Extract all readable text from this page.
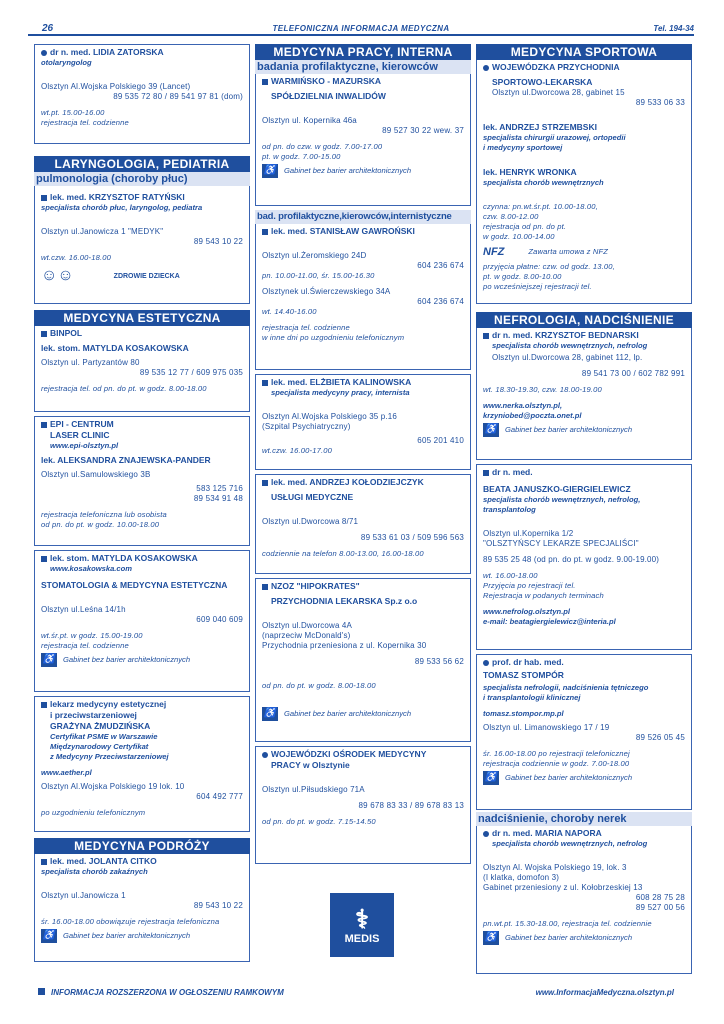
26	TELEFONICZNA INFORMACJA MEDYCZNA	Tel. 194-34
dr n. med. LIDIA ZATORSKA
otolaryngolog
Olsztyn Al.Wojska Polskiego 39 (Lancet)
89 535 72 80 / 89 541 97 81 (dom)
wt.pt. 15.00-16.00
rejestracja tel. codzienne
LARYNGOLOGIA, PEDIATRIA
pulmonologia (choroby płuc)
lek. med. KRZYSZTOF RATYŃSKI
specjalista chorób płuc, laryngolog, pediatra
Olsztyn ul.Janowicza 1 "MEDYK"
89 543 10 22
wt.czw. 16.00-18.00
☺☺	ZDROWIE DZIECKA
MEDYCYNA ESTETYCZNA
BINPOL
lek. stom. MATYLDA KOSAKOWSKA
Olsztyn ul. Partyzantów 80
89 535 12 77 / 609 975 035
rejestracja tel. od pn. do pt. w godz. 8.00-18.00
EPI - CENTRUM
LASER CLINIC
www.epi-olsztyn.pl
lek. ALEKSANDRA ZNAJEWSKA-PANDER
Olsztyn ul.Samulowskiego 3B
583 125 716
89 534 91 48
rejestracja telefoniczna lub osobista
od pn. do pt. w godz. 10.00-18.00
lek. stom. MATYLDA KOSAKOWSKA
www.kosakowska.com
STOMATOLOGIA & MEDYCYNA ESTETYCZNA
Olsztyn ul.Leśna 14/1h
609 040 609
wt.śr.pt. w godz. 15.00-19.00
rejestracja tel. codzienne
♿ Gabinet bez barier architektonicznych
lekarz medycyny estetycznej
i przeciwstarzeniowej
GRAŻYNA ŻMUDZIŃSKA
Certyfikat PSME w Warszawie
Międzynarodowy Certyfikat
z Medycyny Przeciwstarzeniowej
www.aether.pl
Olsztyn Al.Wojska Polskiego 19 lok. 10
604 492 777
po uzgodnieniu telefonicznym
MEDYCYNA PODRÓŻY
lek. med. JOLANTA CITKO
specjalista chorób zakaźnych
Olsztyn ul.Janowicza 1
89 543 10 22
śr. 16.00-18.00 obowiązuje rejestracja telefoniczna
♿ Gabinet bez barier architektonicznych
MEDYCYNA PRACY, INTERNA
badania profilaktyczne, kierowców
WARMIŃSKO - MAZURSKA
SPÓŁDZIELNIA INWALIDÓW
Olsztyn ul. Kopernika 46a
89 527 30 22 wew. 37
od pn. do czw. w godz. 7.00-17.00
pt. w godz. 7.00-15.00
♿ Gabinet bez barier architektonicznych
bad. profilaktyczne,kierowców,internistyczne
lek. med. STANISŁAW GAWROŃSKI
Olsztyn ul.Żeromskiego 24D
604 236 674
pn. 10.00-11.00, śr. 15.00-16.30
Olsztynek ul.Świerczewskiego 34A
604 236 674
wt. 14.40-16.00
rejestracja tel. codzienne
w inne dni po uzgodnieniu telefonicznym
lek. med. ELŻBIETA KALINOWSKA
specjalista medycyny pracy, internista
Olsztyn Al.Wojska Polskiego 35 p.16
(Szpital Psychiatryczny)
605 201 410
wt.czw. 16.00-17.00
lek. med. ANDRZEJ KOŁODZIEJCZYK
USŁUGI MEDYCZNE
Olsztyn ul.Dworcowa 8/71
89 533 61 03 / 509 596 563
codziennie na telefon 8.00-13.00, 16.00-18.00
NZOZ "HIPOKRATES"
PRZYCHODNIA LEKARSKA Sp.z o.o
Olsztyn ul.Dworcowa 4A
(naprzeciw McDonald's)
Przychodnia przeniesiona z ul. Kopernika 30
89 533 56 62
od pn. do pt. w godz. 8.00-18.00
♿ Gabinet bez barier architektonicznych
WOJEWÓDZKI OŚRODEK MEDYCYNY
PRACY w Olsztynie
Olsztyn ul.Piłsudskiego 71A
89 678 83 33 / 89 678 83 13
od pn. do pt. w godz. 7.15-14.50
⚕
MEDIS
MEDYCYNA SPORTOWA
WOJEWÓDZKA PRZYCHODNIA
SPORTOWO-LEKARSKA
Olsztyn ul.Dworcowa 28, gabinet 15
89 533 06 33
lek. ANDRZEJ STRZEMBSKI
specjalista chirurgii urazowej, ortopedii
i medycyny sportowej
lek. HENRYK WRONKA
specjalista chorób wewnętrznych
czynna: pn.wt.śr.pt. 10.00-18.00,
czw. 8.00-12.00
rejestracja od pn. do pt.
w godz. 10.00-14.00
NFZ	Zawarta umowa z NFZ
przyjęcia płatne: czw. od godz. 13.00,
pt. w godz. 8.00-10.00
po wcześniejszej rejestracji tel.
NEFROLOGIA, NADCIŚNIENIE
dr n. med. KRZYSZTOF BEDNARSKI
specjalista chorób wewnętrznych, nefrolog
Olsztyn ul.Dworcowa 28, gabinet 112, lp.
89 541 73 00 / 602 782 991
wt. 18.30-19.30, czw. 18.00-19.00
www.nerka.olsztyn.pl,
krzyniobed@poczta.onet.pl
♿ Gabinet bez barier architektonicznych
dr n. med.
BEATA JANUSZKO-GIERGIELEWICZ
specjalista chorób wewnętrznych, nefrolog,
transplantolog
Olsztyn ul.Kopernika 1/2
"OLSZTYŃSCY LEKARZE SPECJALIŚCI"
89 535 25 48 (od pn. do pt. w godz. 9.00-19.00)
wt. 16.00-18.00
Przyjęcia po rejestracji tel.
Rejestracja w podanych terminach
www.nefrolog.olsztyn.pl
e-mail: beatagiergielewicz@interia.pl
prof. dr hab. med.
TOMASZ STOMPÓR
specjalista nefrologii, nadciśnienia tętniczego
i transplantologii klinicznej
tomasz.stompor.mp.pl
Olsztyn ul. Limanowskiego 17 / 19
89 526 05 45
śr. 16.00-18.00 po rejestracji telefonicznej
rejestracja codziennie w godz. 7.00-18.00
♿ Gabinet bez barier architektonicznych
nadciśnienie, choroby nerek
dr n. med. MARIA NAPORA
specjalista chorób wewnętrznych, nefrolog
Olsztyn Al. Wojska Polskiego 19, lok. 3
(I klatka, domofon 3)
Gabinet przeniesiony z ul. Kołobrzeskiej 13
608 28 75 28
89 527 00 56
pn.wt.pt. 15.30-18.00, rejestracja tel. codziennie
♿ Gabinet bez barier architektonicznych
INFORMACJA ROZSZERZONA W OGŁOSZENIU RAMKOWYM	www.InformacjaMedyczna.olsztyn.pl
